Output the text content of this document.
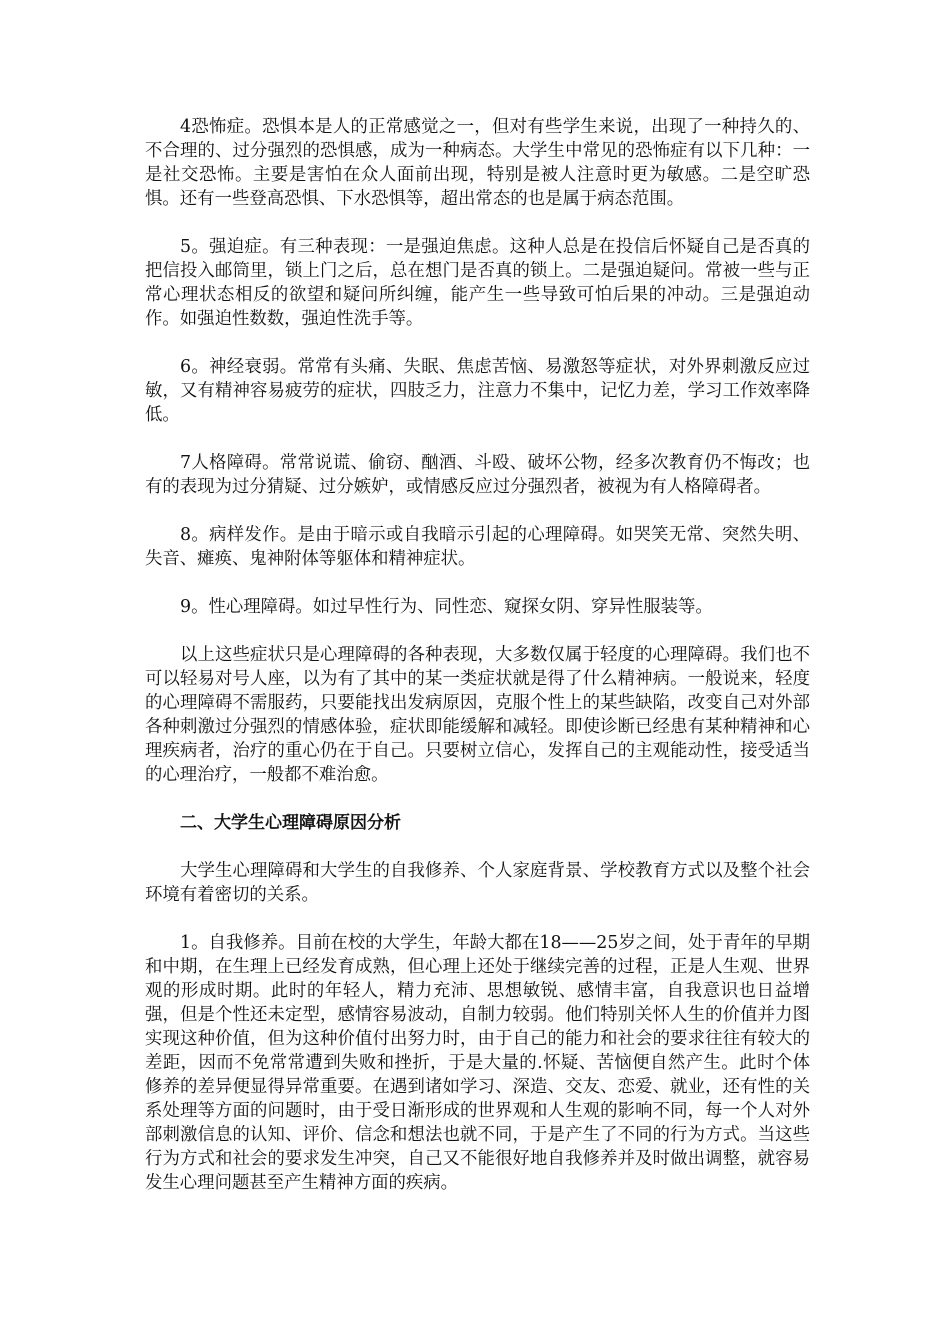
4恐怖症。恐惧本是人的正常感觉之一，但对有些学生来说，出现了一种持久的、不合理的、过分强烈的恐惧感，成为一种病态。大学生中常见的恐怖症有以下几种：一是社交恐怖。主要是害怕在众人面前出现，特别是被人注意时更为敏感。二是空旷恐惧。还有一些登高恐惧、下水恐惧等，超出常态的也是属于病态范围。

5。强迫症。有三种表现：一是强迫焦虑。这种人总是在投信后怀疑自己是否真的把信投入邮筒里，锁上门之后，总在想门是否真的锁上。二是强迫疑问。常被一些与正常心理状态相反的欲望和疑问所纠缠，能产生一些导致可怕后果的冲动。三是强迫动作。如强迫性数数，强迫性洗手等。

6。神经衰弱。常常有头痛、失眠、焦虑苦恼、易激怒等症状，对外界刺激反应过敏，又有精神容易疲劳的症状，四肢乏力，注意力不集中，记忆力差，学习工作效率降低。

7人格障碍。常常说谎、偷窃、酗酒、斗殴、破坏公物，经多次教育仍不悔改；也有的表现为过分猜疑、过分嫉妒，或情感反应过分强烈者，被视为有人格障碍者。

8。病样发作。是由于暗示或自我暗示引起的心理障碍。如哭笑无常、突然失明、失音、瘫痪、鬼神附体等躯体和精神症状。

9。性心理障碍。如过早性行为、同性恋、窥探女阴、穿异性服装等。

以上这些症状只是心理障碍的各种表现，大多数仅属于轻度的心理障碍。我们也不可以轻易对号人座，以为有了其中的某一类症状就是得了什么精神病。一般说来，轻度的心理障碍不需服药，只要能找出发病原因，克服个性上的某些缺陷，改变自己对外部各种刺激过分强烈的情感体验，症状即能缓解和减轻。即使诊断已经患有某种精神和心理疾病者，治疗的重心仍在于自己。只要树立信心，发挥自己的主观能动性，接受适当的心理治疗，一般都不难治愈。

二、大学生心理障碍原因分析

大学生心理障碍和大学生的自我修养、个人家庭背景、学校教育方式以及整个社会环境有着密切的关系。

1。自我修养。目前在校的大学生，年龄大都在18——25岁之间，处于青年的早期和中期，在生理上已经发育成熟，但心理上还处于继续完善的过程，正是人生观、世界观的形成时期。此时的年轻人，精力充沛、思想敏锐、感情丰富，自我意识也日益增强，但是个性还未定型，感情容易波动，自制力较弱。他们特别关怀人生的价值并力图实现这种价值，但为这种价值付出努力时，由于自己的能力和社会的要求往往有较大的差距，因而不免常常遭到失败和挫折，于是大量的.怀疑、苦恼便自然产生。此时个体修养的差异便显得异常重要。在遇到诸如学习、深造、交友、恋爱、就业，还有性的关系处理等方面的问题时，由于受日渐形成的世界观和人生观的影响不同，每一个人对外部刺激信息的认知、评价、信念和想法也就不同，于是产生了不同的行为方式。当这些行为方式和社会的要求发生冲突，自己又不能很好地自我修养并及时做出调整，就容易发生心理问题甚至产生精神方面的疾病。
